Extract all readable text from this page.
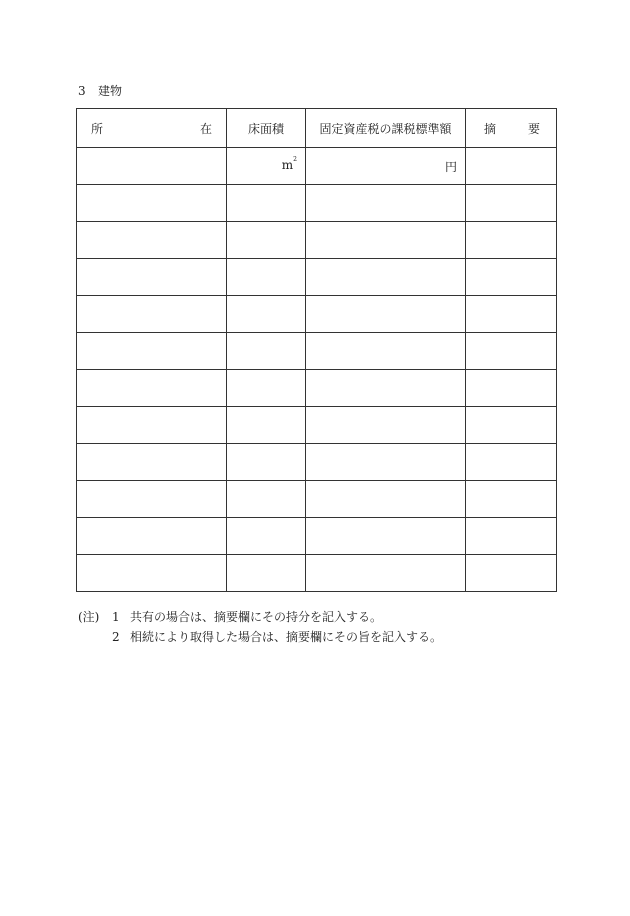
3 建物
所 在	床面積	固定資産税の課税標準額	摘 要

	$m^2$	円	

(注)	1 共有の場合は、摘要欄にその持分を記入する。
2 相続により取得した場合は、摘要欄にその旨を記入する。
